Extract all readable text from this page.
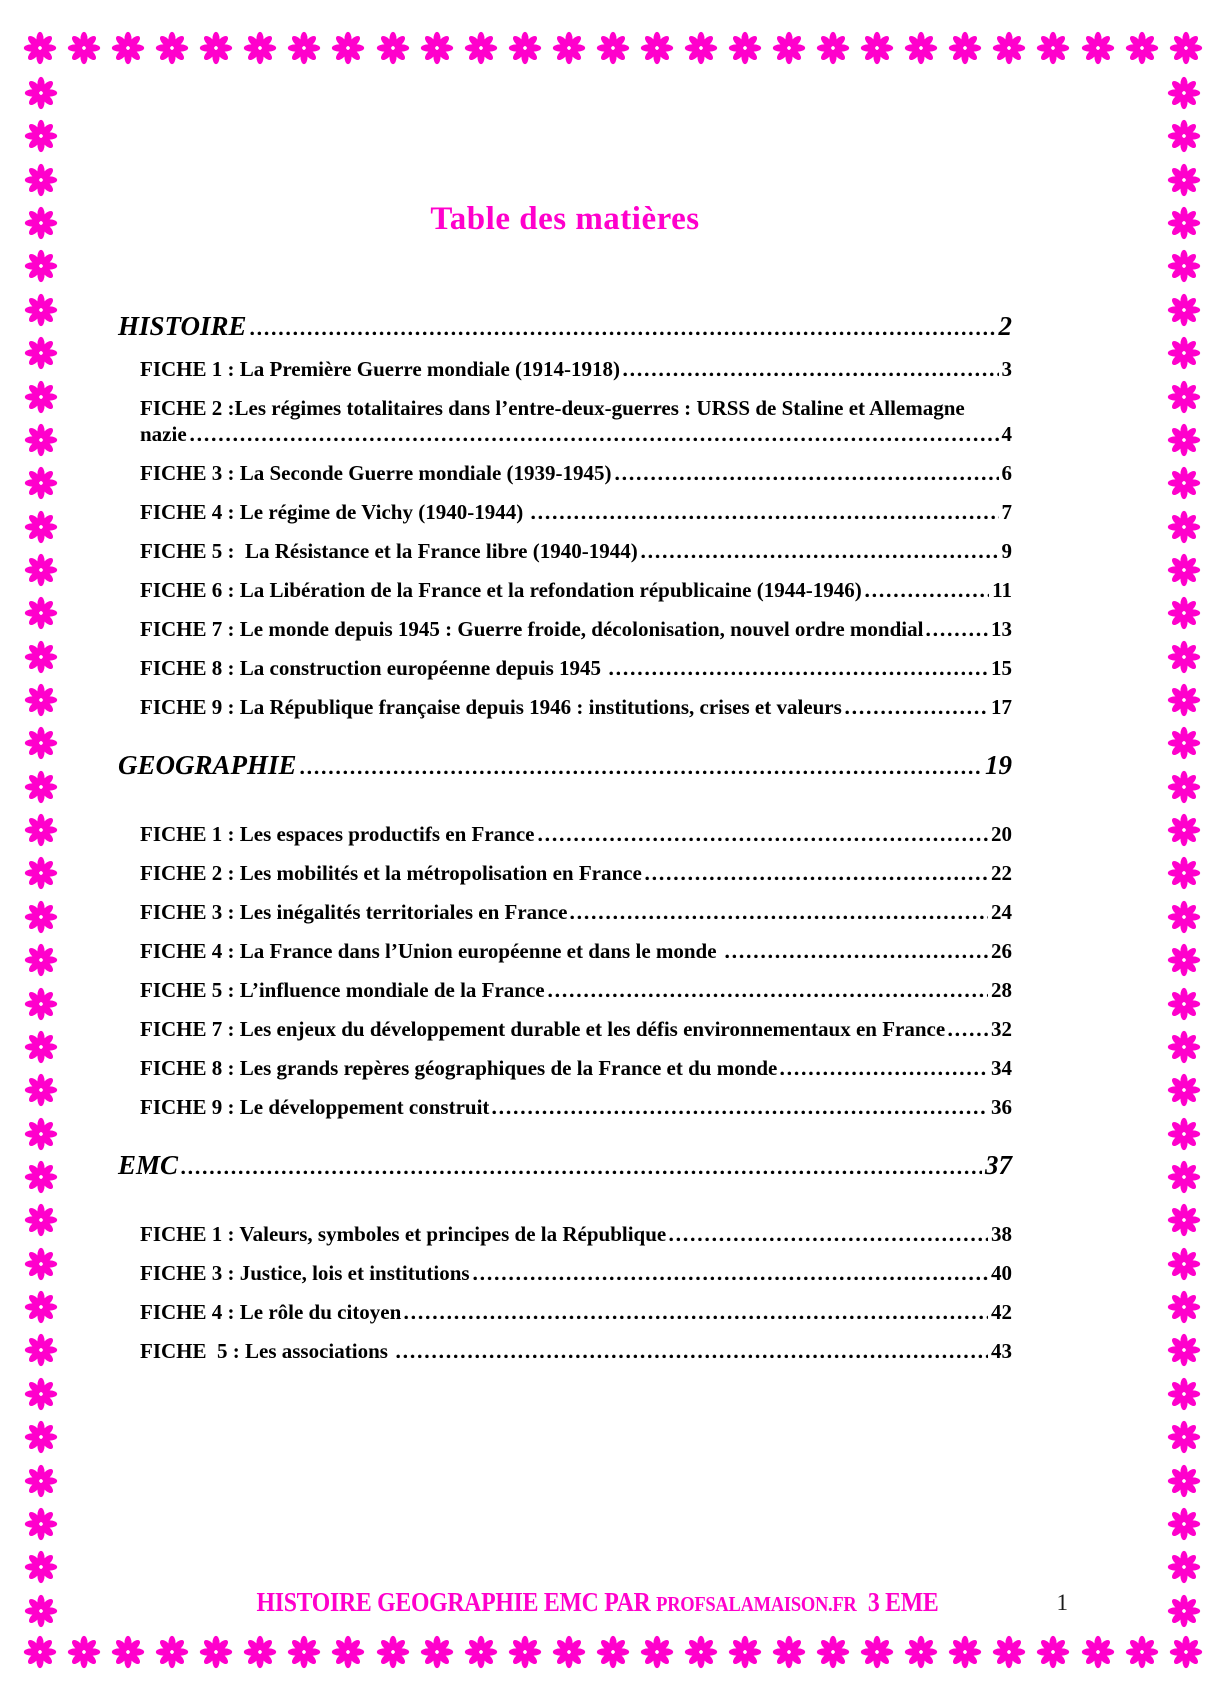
Table des matières
HISTOIRE	2
FICHE 1 : La Première Guerre mondiale (1914-1918)	3
FICHE 2 :Les régimes totalitaires dans l’entre-deux-guerres : URSS de Staline et Allemagne
nazie	4
FICHE 3 : La Seconde Guerre mondiale (1939-1945)	6
FICHE 4 : Le régime de Vichy (1940-1944)	7
FICHE 5 :  La Résistance et la France libre (1940-1944)	9
FICHE 6 : La Libération de la France et la refondation républicaine (1944-1946)	11
FICHE 7 : Le monde depuis 1945 : Guerre froide, décolonisation, nouvel ordre mondial	13
FICHE 8 : La construction européenne depuis 1945	15
FICHE 9 : La République française depuis 1946 : institutions, crises et valeurs	17
GEOGRAPHIE	19
FICHE 1 : Les espaces productifs en France	20
FICHE 2 : Les mobilités et la métropolisation en France	22
FICHE 3 : Les inégalités territoriales en France	24
FICHE 4 : La France dans l’Union européenne et dans le monde	26
FICHE 5 : L’influence mondiale de la France	28
FICHE 7 : Les enjeux du développement durable et les défis environnementaux en France 32
FICHE 8 : Les grands repères géographiques de la France et du monde	34
FICHE 9 : Le développement construit	36
EMC	37
FICHE 1 : Valeurs, symboles et principes de la République	38
FICHE 3 : Justice, lois et institutions	40
FICHE 4 : Le rôle du citoyen	42
FICHE  5 : Les associations	43
HISTOIRE GEOGRAPHIE EMC PAR PROFSALAMAISON.FR  3 EME	1
